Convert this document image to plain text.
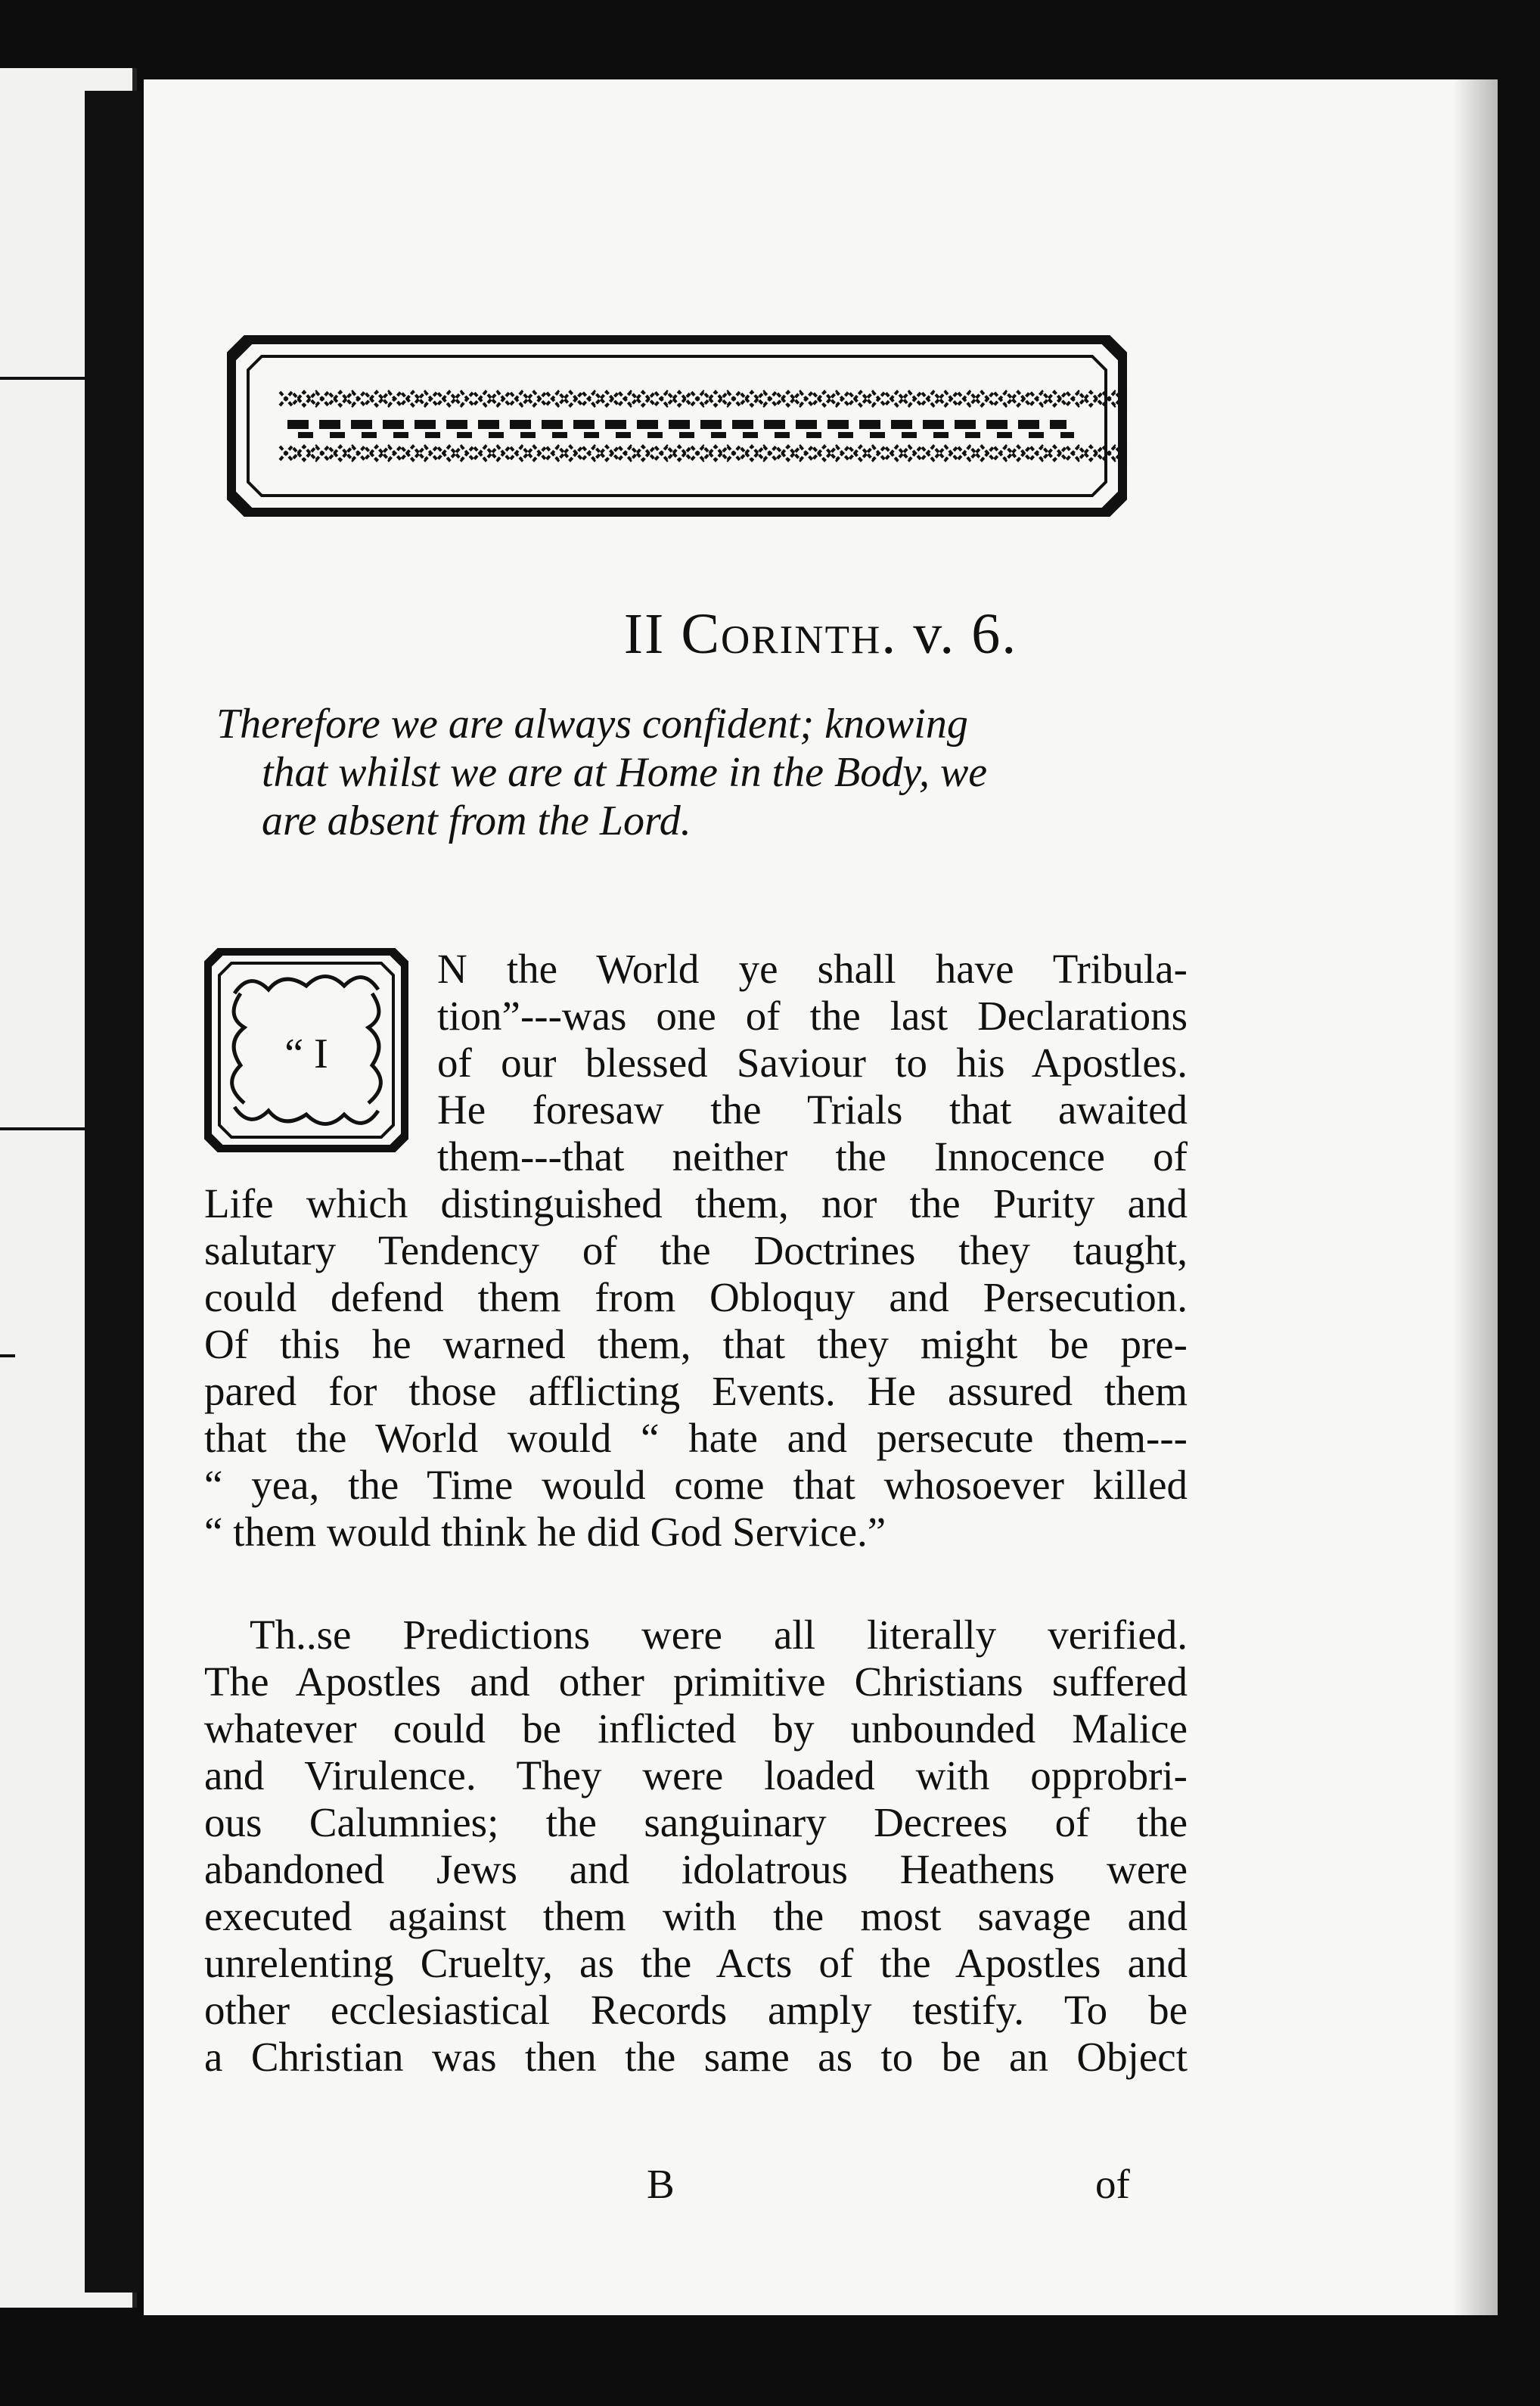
II Corinth. v. 6.
Therefore we are always confident; knowing
that whilst we are at Home in the Body, we
are absent from the Lord.
“ I
N the World ye shall have Tribula-
tion”---was one of the last Declarations
of our blessed Saviour to his Apostles.
He foresaw the Trials that awaited
them---that neither the Innocence of
Life which distinguished them, nor the Purity and
salutary Tendency of the Doctrines they taught,
could defend them from Obloquy and Persecution.
Of this he warned them, that they might be pre-
pared for those afflicting Events. He assured them
that the World would “ hate and persecute them---
“ yea, the Time would come that whosoever killed
“ them would think he did God Service.”
Th..se Predictions were all literally verified.
The Apostles and other primitive Christians suffered
whatever could be inflicted by unbounded Malice
and Virulence. They were loaded with opprobri-
ous Calumnies; the sanguinary Decrees of the
abandoned Jews and idolatrous Heathens were
executed against them with the most savage and
unrelenting Cruelty, as the Acts of the Apostles and
other ecclesiastical Records amply testify. To be
a Christian was then the same as to be an Object
B	of
